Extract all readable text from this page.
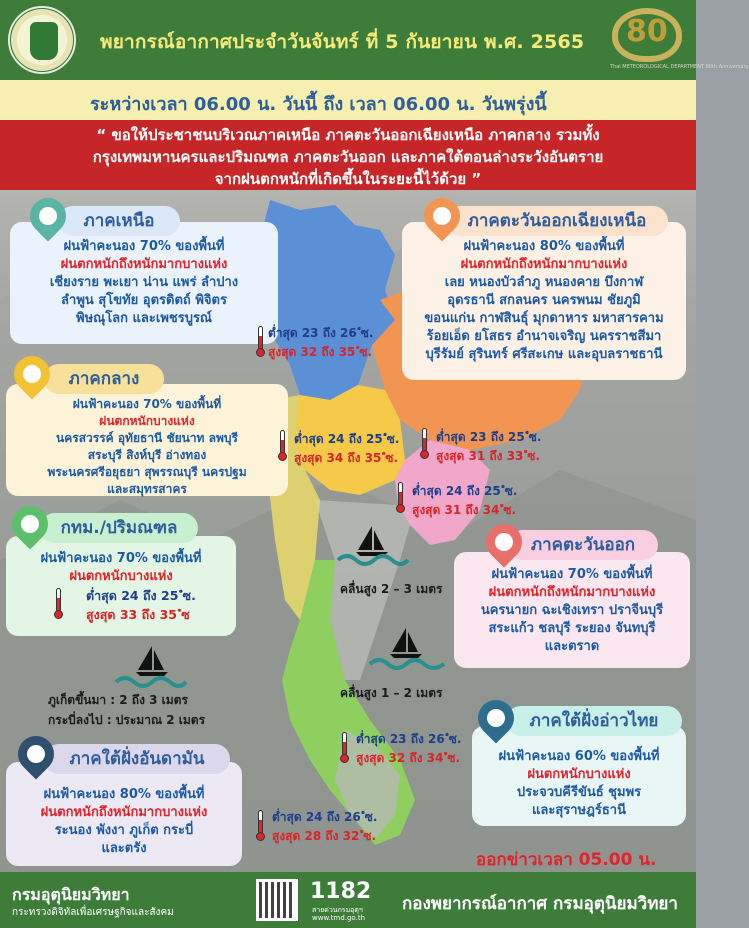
พยากรณ์อากาศประจำวันจันทร์ ที่ 5 กันยายน พ.ศ. 2565 80
Thai METEOROLOGICAL DEPARTMENT 80th Anniversary
ระหว่างเวลา 06.00 น. วันนี้ ถึง เวลา 06.00 น. วันพรุ่งนี้
“ ขอให้ประชาชนบริเวณภาคเหนือ ภาคตะวันออกเฉียงเหนือ ภาคกลาง รวมทั้ง
กรุงเทพมหานครและปริมณฑล ภาคตะวันออก และภาคใต้ตอนล่างระวังอันตราย
จากฝนตกหนักที่เกิดขึ้นในระยะนี้ไว้ด้วย ”
ฝนฟ้าคะนอง 70% ของพื้นที่
ฝนตกหนักถึงหนักมากบางแห่ง
เชียงราย พะเยา น่าน แพร่ ลำปาง
ลำพูน สุโขทัย อุตรดิตถ์ พิจิตร
พิษณุโลก และเพชรบูรณ์
ภาคเหนือ
ฝนฟ้าคะนอง 80% ของพื้นที่
ฝนตกหนักถึงหนักมากบางแห่ง
เลย หนองบัวลำภู หนองคาย บึงกาฬ
อุดรธานี สกลนคร นครพนม ชัยภูมิ
ขอนแก่น กาฬสินธุ์ มุกดาหาร มหาสารคาม
ร้อยเอ็ด ยโสธร อำนาจเจริญ นครราชสีมา
บุรีรัมย์ สุรินทร์ ศรีสะเกษ และอุบลราชธานี
ภาคตะวันออกเฉียงเหนือ
ต่ำสุด 23 ถึง 26 ํซ.
สูงสุด 32 ถึง 35 ํซ.
ฝนฟ้าคะนอง 70% ของพื้นที่
ฝนตกหนักบางแห่ง
นครสวรรค์ อุทัยธานี ชัยนาท ลพบุรี
สระบุรี สิงห์บุรี อ่างทอง
พระนครศรีอยุธยา สุพรรณบุรี นครปฐม
และสมุทรสาคร
ภาคกลาง
ต่ำสุด 24 ถึง 25 ํซ.
สูงสุด 34 ถึง 35 ํซ.
ต่ำสุด 23 ถึง 25 ํซ.
สูงสุด 31 ถึง 33 ํซ.
ต่ำสุด 24 ถึง 25 ํซ.
สูงสุด 31 ถึง 34 ํซ.
ฝนฟ้าคะนอง 70% ของพื้นที่
ฝนตกหนักบางแห่ง
ต่ำสุด 24 ถึง 25 ํซ.
สูงสุด 33 ถึง 35 ํซ
กทม./ปริมณฑล
ฝนฟ้าคะนอง 70% ของพื้นที่
ฝนตกหนักถึงหนักมากบางแห่ง
นครนายก ฉะเชิงเทรา ปราจีนบุรี
สระแก้ว ชลบุรี ระยอง จันทบุรี
และตราด
ภาคตะวันออก
คลื่นสูง 2 – 3 เมตร
คลื่นสูง 1 – 2 เมตร
ภูเก็ตขึ้นมา : 2 ถึง 3 เมตร
กระบี่ลงไป : ประมาณ 2 เมตร
ฝนฟ้าคะนอง 60% ของพื้นที่
ฝนตกหนักบางแห่ง
ประจวบคีรีขันธ์ ชุมพร
และสุราษฎร์ธานี
ภาคใต้ฝั่งอ่าวไทย
ต่ำสุด 23 ถึง 26 ํซ.
สูงสุด 32 ถึง 34 ํซ.
ฝนฟ้าคะนอง 80% ของพื้นที่
ฝนตกหนักถึงหนักมากบางแห่ง
ระนอง พังงา ภูเก็ต กระบี่
และตรัง
ภาคใต้ฝั่งอันดามัน
ต่ำสุด 24 ถึง 26 ํซ.
สูงสุด 28 ถึง 32 ํซ.
ออกข่าวเวลา 05.00 น.
กรมอุตุนิยมวิทยา
กระทรวงดิจิทัลเพื่อเศรษฐกิจและสังคม
1182
สายด่วนกรมอุตุฯ
www.tmd.go.th
กองพยากรณ์อากาศ กรมอุตุนิยมวิทยา
